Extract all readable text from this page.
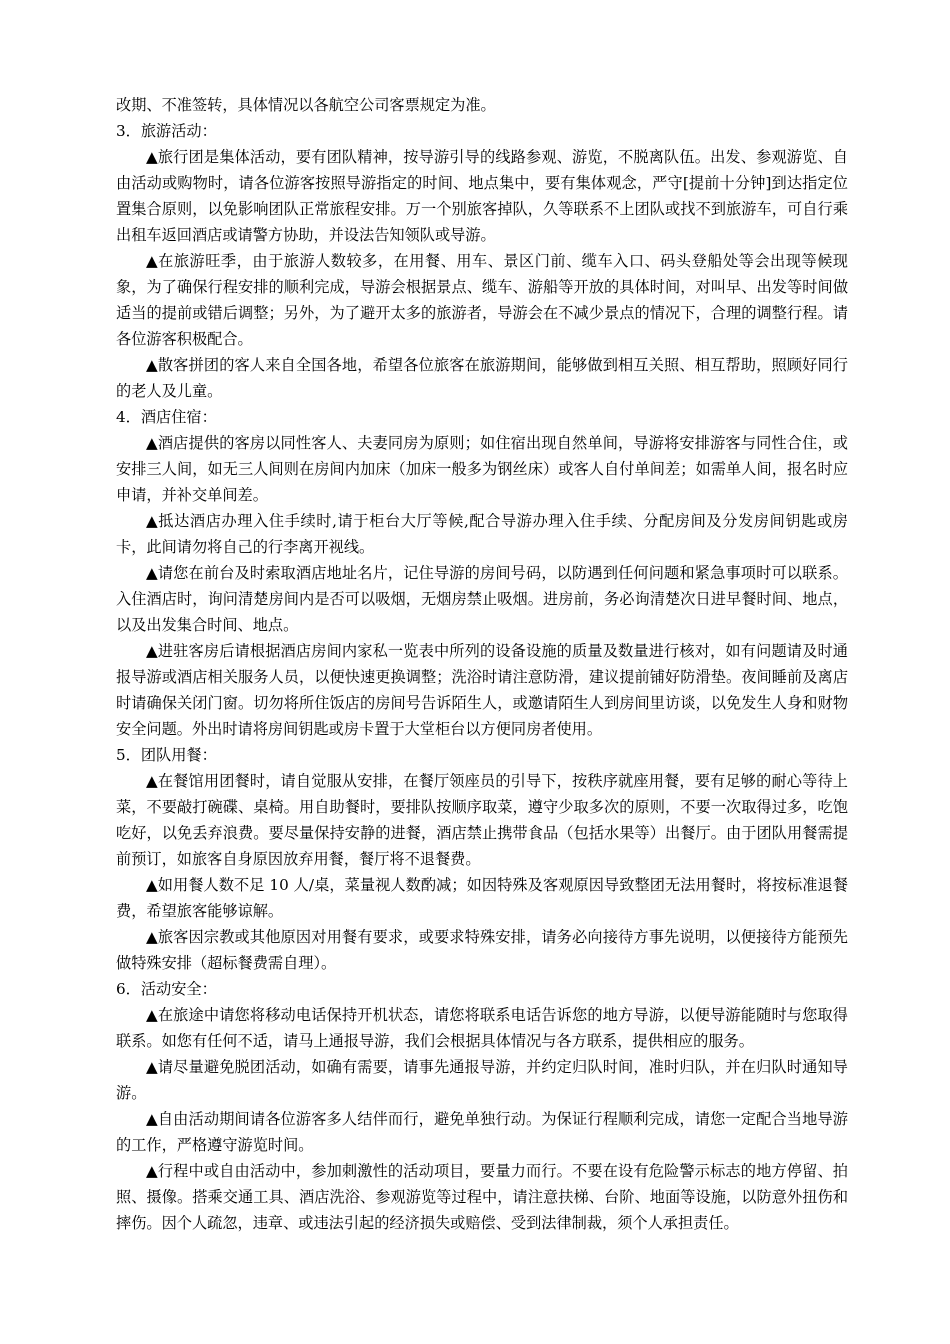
改期、不准签转，具体情况以各航空公司客票规定为准。

3．旅游活动：

▲旅行团是集体活动，要有团队精神，按导游引导的线路参观、游览，不脱离队伍。出发、参观游览、自由活动或购物时，请各位游客按照导游指定的时间、地点集中，要有集体观念，严守[提前十分钟]到达指定位置集合原则，以免影响团队正常旅程安排。万一个别旅客掉队，久等联系不上团队或找不到旅游车，可自行乘出租车返回酒店或请警方协助，并设法告知领队或导游。

▲在旅游旺季，由于旅游人数较多，在用餐、用车、景区门前、缆车入口、码头登船处等会出现等候现象，为了确保行程安排的顺利完成，导游会根据景点、缆车、游船等开放的具体时间，对叫早、出发等时间做适当的提前或错后调整；另外，为了避开太多的旅游者，导游会在不减少景点的情况下，合理的调整行程。请各位游客积极配合。

▲散客拼团的客人来自全国各地，希望各位旅客在旅游期间，能够做到相互关照、相互帮助，照顾好同行的老人及儿童。

4．酒店住宿：

▲酒店提供的客房以同性客人、夫妻同房为原则；如住宿出现自然单间，导游将安排游客与同性合住，或安排三人间，如无三人间则在房间内加床（加床一般多为钢丝床）或客人自付单间差；如需单人间，报名时应申请，并补交单间差。

▲抵达酒店办理入住手续时,请于柜台大厅等候,配合导游办理入住手续、分配房间及分发房间钥匙或房卡，此间请勿将自己的行李离开视线。

▲请您在前台及时索取酒店地址名片，记住导游的房间号码，以防遇到任何问题和紧急事项时可以联系。入住酒店时，询问清楚房间内是否可以吸烟，无烟房禁止吸烟。进房前，务必询清楚次日进早餐时间、地点，以及出发集合时间、地点。

▲进驻客房后请根据酒店房间内家私一览表中所列的设备设施的质量及数量进行核对，如有问题请及时通报导游或酒店相关服务人员，以便快速更换调整；洗浴时请注意防滑，建议提前铺好防滑垫。夜间睡前及离店时请确保关闭门窗。切勿将所住饭店的房间号告诉陌生人，或邀请陌生人到房间里访谈，以免发生人身和财物安全问题。外出时请将房间钥匙或房卡置于大堂柜台以方便同房者使用。

5．团队用餐：

▲在餐馆用团餐时，请自觉服从安排，在餐厅领座员的引导下，按秩序就座用餐，要有足够的耐心等待上菜，不要敲打碗碟、桌椅。用自助餐时，要排队按顺序取菜，遵守少取多次的原则，不要一次取得过多，吃饱吃好，以免丢弃浪费。要尽量保持安静的进餐，酒店禁止携带食品（包括水果等）出餐厅。由于团队用餐需提前预订，如旅客自身原因放弃用餐，餐厅将不退餐费。

▲如用餐人数不足 10 人/桌，菜量视人数酌减；如因特殊及客观原因导致整团无法用餐时，将按标准退餐费，希望旅客能够谅解。

▲旅客因宗教或其他原因对用餐有要求，或要求特殊安排，请务必向接待方事先说明，以便接待方能预先做特殊安排（超标餐费需自理）。

6．活动安全：

▲在旅途中请您将移动电话保持开机状态，请您将联系电话告诉您的地方导游，以便导游能随时与您取得联系。如您有任何不适，请马上通报导游，我们会根据具体情况与各方联系，提供相应的服务。

▲请尽量避免脱团活动，如确有需要，请事先通报导游，并约定归队时间，准时归队，并在归队时通知导游。

▲自由活动期间请各位游客多人结伴而行，避免单独行动。为保证行程顺利完成，请您一定配合当地导游的工作，严格遵守游览时间。

▲行程中或自由活动中，参加刺激性的活动项目，要量力而行。不要在设有危险警示标志的地方停留、拍照、摄像。搭乘交通工具、酒店洗浴、参观游览等过程中，请注意扶梯、台阶、地面等设施，以防意外扭伤和摔伤。因个人疏忽，违章、或违法引起的经济损失或赔偿、受到法律制裁，须个人承担责任。
